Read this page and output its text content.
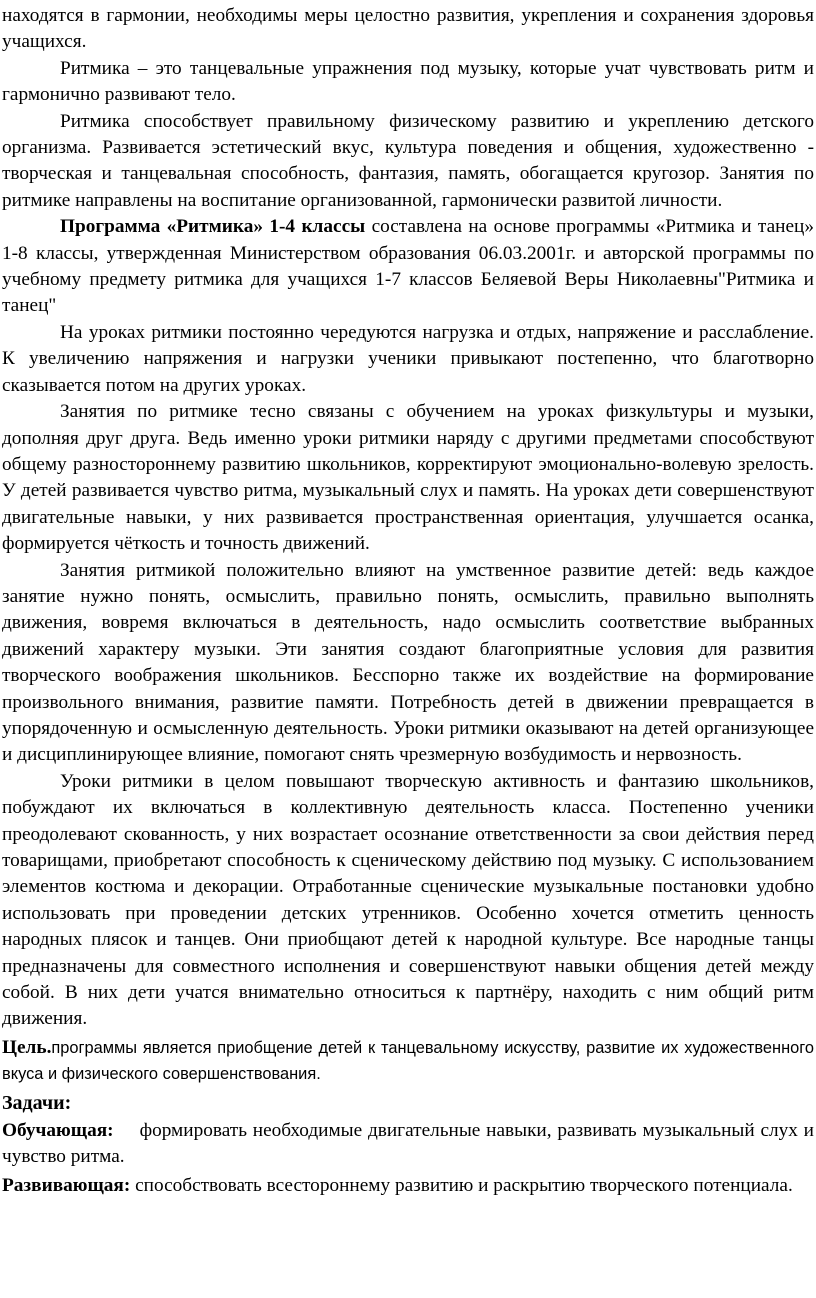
находятся в гармонии, необходимы меры целостно развития, укрепления и сохранения здоровья учащихся.

Ритмика – это танцевальные упражнения под музыку, которые учат чувствовать ритм и гармонично развивают тело.

Ритмика способствует правильному физическому развитию и укреплению детского организма. Развивается эстетический вкус, культура поведения и общения, художественно - творческая и танцевальная способность, фантазия, память, обогащается кругозор. Занятия по ритмике направлены на воспитание организованной, гармонически развитой личности.

Программа «Ритмика» 1-4 классы составлена на основе программы «Ритмика и танец» 1-8 классы, утвержденная Министерством образования 06.03.2001г. и авторской программы по учебному предмету ритмика для учащихся 1-7 классов Беляевой Веры Николаевны"Ритмика и танец"

На уроках ритмики постоянно чередуются нагрузка и отдых, напряжение и расслабление. К увеличению напряжения и нагрузки ученики привыкают постепенно, что благотворно сказывается потом на других уроках.

Занятия по ритмике тесно связаны с обучением на уроках физкультуры и музыки, дополняя друг друга. Ведь именно уроки ритмики наряду с другими предметами способствуют общему разностороннему развитию школьников, корректируют эмоционально-волевую зрелость. У детей развивается чувство ритма, музыкальный слух и память. На уроках дети совершенствуют двигательные навыки, у них развивается пространственная ориентация, улучшается осанка, формируется чёткость и точность движений.

Занятия ритмикой положительно влияют на умственное развитие детей: ведь каждое занятие нужно понять, осмыслить, правильно понять, осмыслить, правильно выполнять движения, вовремя включаться в деятельность, надо осмыслить соответствие выбранных движений характеру музыки. Эти занятия создают благоприятные условия для развития творческого воображения школьников. Бесспорно также их воздействие на формирование произвольного внимания, развитие памяти. Потребность детей в движении превращается в упорядоченную и осмысленную деятельность. Уроки ритмики оказывают на детей организующее и дисциплинирующее влияние, помогают снять чрезмерную возбудимость и нервозность.

Уроки ритмики в целом повышают творческую активность и фантазию школьников, побуждают их включаться в коллективную деятельность класса. Постепенно ученики преодолевают скованность, у них возрастает осознание ответственности за свои действия перед товарищами, приобретают способность к сценическому действию под музыку. С использованием элементов костюма и декорации. Отработанные сценические музыкальные постановки удобно использовать при проведении детских утренников. Особенно хочется отметить ценность народных плясок и танцев. Они приобщают детей к народной культуре. Все народные танцы предназначены для совместного исполнения и совершенствуют навыки общения детей между собой. В них дети учатся внимательно относиться к партнёру, находить с ним общий ритм движения.

Цель.программы является приобщение детей к танцевальному искусству, развитие их художественного вкуса и физического совершенствования.

Задачи:

Обучающая: формировать необходимые двигательные навыки, развивать музыкальный слух и чувство ритма.

Развивающая: способствовать всестороннему развитию и раскрытию творческого потенциала.
